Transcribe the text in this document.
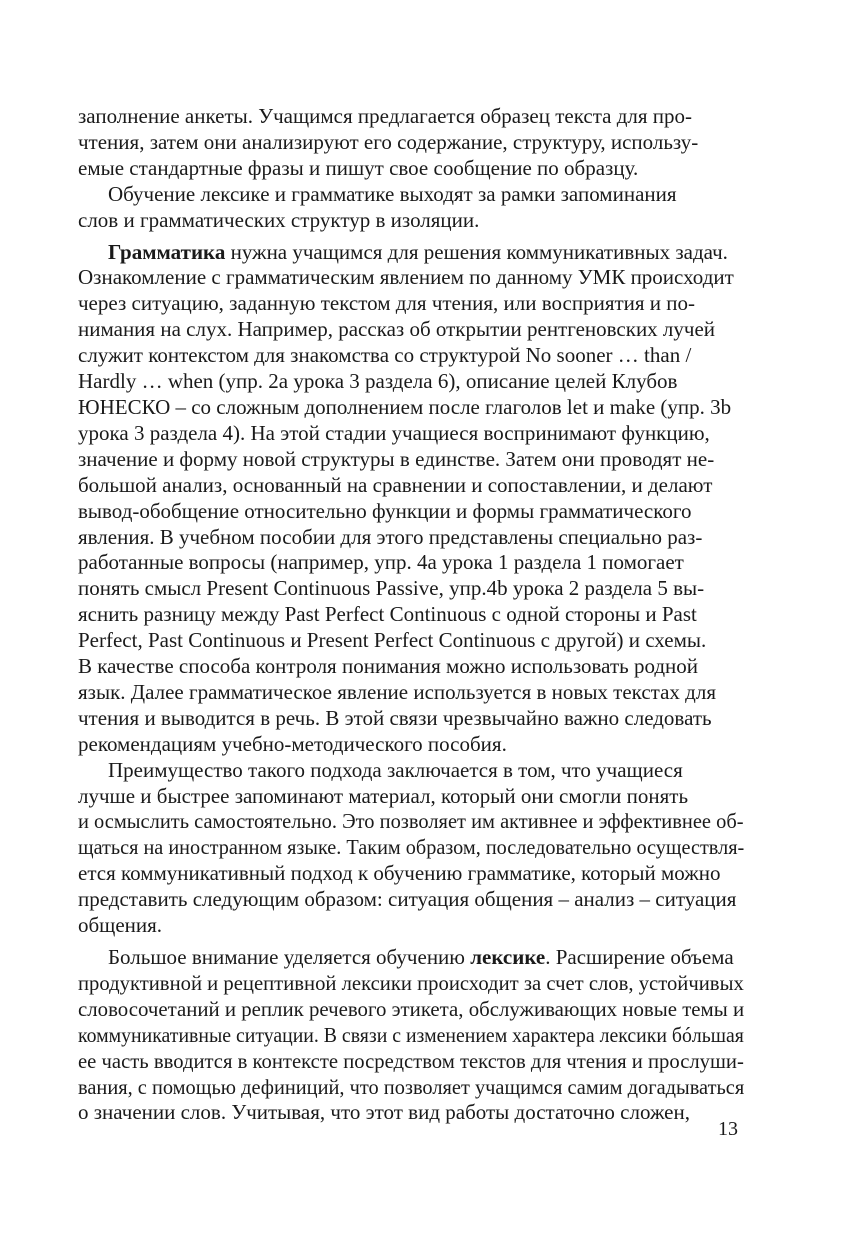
заполнение анкеты. Учащимся предлагается образец текста для про-
чтения, затем они анализируют его содержание, структуру, использу-
емые стандартные фразы и пишут свое сообщение по образцу.

Обучение лексике и грамматике выходят за рамки запоминания
слов и грамматических структур в изоляции.

Грамматика нужна учащимся для решения коммуникативных задач.
Ознакомление с грамматическим явлением по данному УМК происходит
через ситуацию, заданную текстом для чтения, или восприятия и по-
нимания на слух. Например, рассказ об открытии рентгеновских лучей
служит контекстом для знакомства со структурой No sooner … than /
Hardly … when (упр. 2a урока 3 раздела 6), описание целей Клубов
ЮНЕСКО – со сложным дополнением после глаголов let и make (упр. 3b
урока 3 раздела 4). На этой стадии учащиеся воспринимают функцию,
значение и форму новой структуры в единстве. Затем они проводят не-
большой анализ, основанный на сравнении и сопоставлении, и делают
вывод-обобщение относительно функции и формы грамматического
явления. В учебном пособии для этого представлены специально раз-
работанные вопросы (например, упр. 4a урока 1 раздела 1 помогает
понять смысл Present Continuous Passive, упр.4b урока 2 раздела 5 вы-
яснить разницу между Past Perfect Continuous с одной стороны и Past
Perfect, Past Continuous и Present Perfect Continuous с другой) и схемы.
В качестве способа контроля понимания можно использовать родной
язык. Далее грамматическое явление используется в новых текстах для
чтения и выводится в речь. В этой связи чрезвычайно важно следовать
рекомендациям учебно-методического пособия.

Преимущество такого подхода заключается в том, что учащиеся
лучше и быстрее запоминают материал, который они смогли понять
и осмыслить самостоятельно. Это позволяет им активнее и эффективнее об-
щаться на иностранном языке. Таким образом, последовательно осуществля-
ется коммуникативный подход к обучению грамматике, который можно
представить следующим образом: ситуация общения – анализ – ситуация
общения.

Большое внимание уделяется обучению лексике. Расширение объема
продуктивной и рецептивной лексики происходит за счет слов, устойчивых
словосочетаний и реплик речевого этикета, обслуживающих новые темы и
коммуникативные ситуации. В связи с изменением характера лексики бóльшая
ее часть вводится в контексте посредством текстов для чтения и прослуши-
вания, с помощью дефиниций, что позволяет учащимся самим догадываться
о значении слов. Учитывая, что этот вид работы достаточно сложен,

13
